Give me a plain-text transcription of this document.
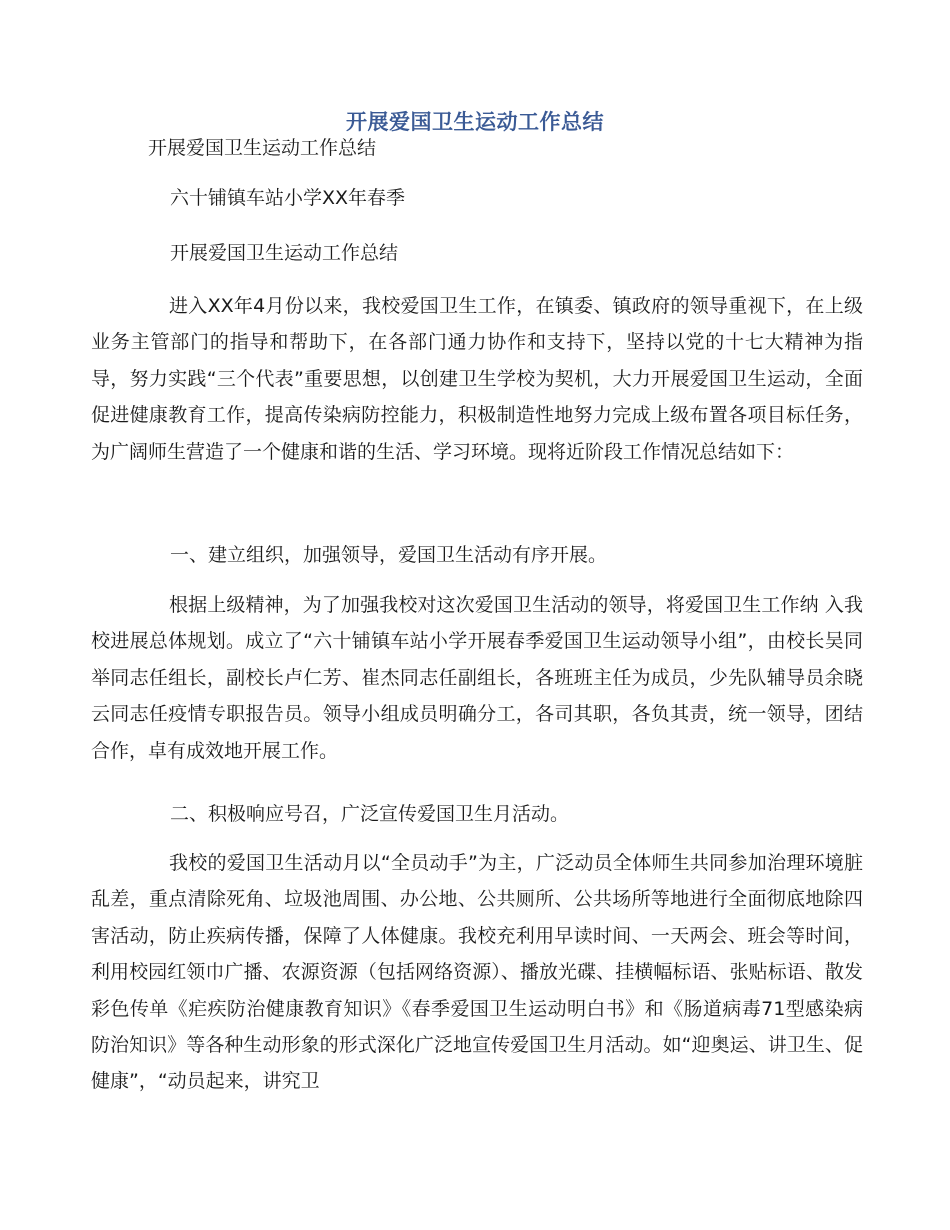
开展爱国卫生运动工作总结
开展爱国卫生运动工作总结
六十铺镇车站小学XX年春季
开展爱国卫生运动工作总结

进入XX年4月份以来，我校爱国卫生工作，在镇委、镇政府的领导重视下，在上级业务主管部门的指导和帮助下，在各部门通力协作和支持下，坚持以党的十七大精神为指导，努力实践“三个代表”重要思想，以创建卫生学校为契机，大力开展爱国卫生运动，全面促进健康教育工作，提高传染病防控能力，积极制造性地努力完成上级布置各项目标任务，为广阔师生营造了一个健康和谐的生活、学习环境。现将近阶段工作情况总结如下：

一、建立组织，加强领导，爱国卫生活动有序开展。

根据上级精神，为了加强我校对这次爱国卫生活动的领导，将爱国卫生工作纳 入我校进展总体规划。成立了“六十铺镇车站小学开展春季爱国卫生运动领导小组”，由校长吴同举同志任组长，副校长卢仁芳、崔杰同志任副组长，各班班主任为成员，少先队辅导员余晓云同志任疫情专职报告员。领导小组成员明确分工，各司其职，各负其责，统一领导，团结合作，卓有成效地开展工作。

二、积极响应号召，广泛宣传爱国卫生月活动。

我校的爱国卫生活动月以“全员动手”为主，广泛动员全体师生共同参加治理环境脏乱差，重点清除死角、垃圾池周围、办公地、公共厕所、公共场所等地进行全面彻底地除四害活动，防止疾病传播，保障了人体健康。我校充利用早读时间、一天两会、班会等时间，利用校园红领巾广播、农源资源（包括网络资源）、播放光碟、挂横幅标语、张贴标语、散发彩色传单《疟疾防治健康教育知识》《春季爱国卫生运动明白书》和《肠道病毒71型感染病防治知识》等各种生动形象的形式深化广泛地宣传爱国卫生月活动。如“迎奥运、讲卫生、促健康”，“动员起来，讲究卫
